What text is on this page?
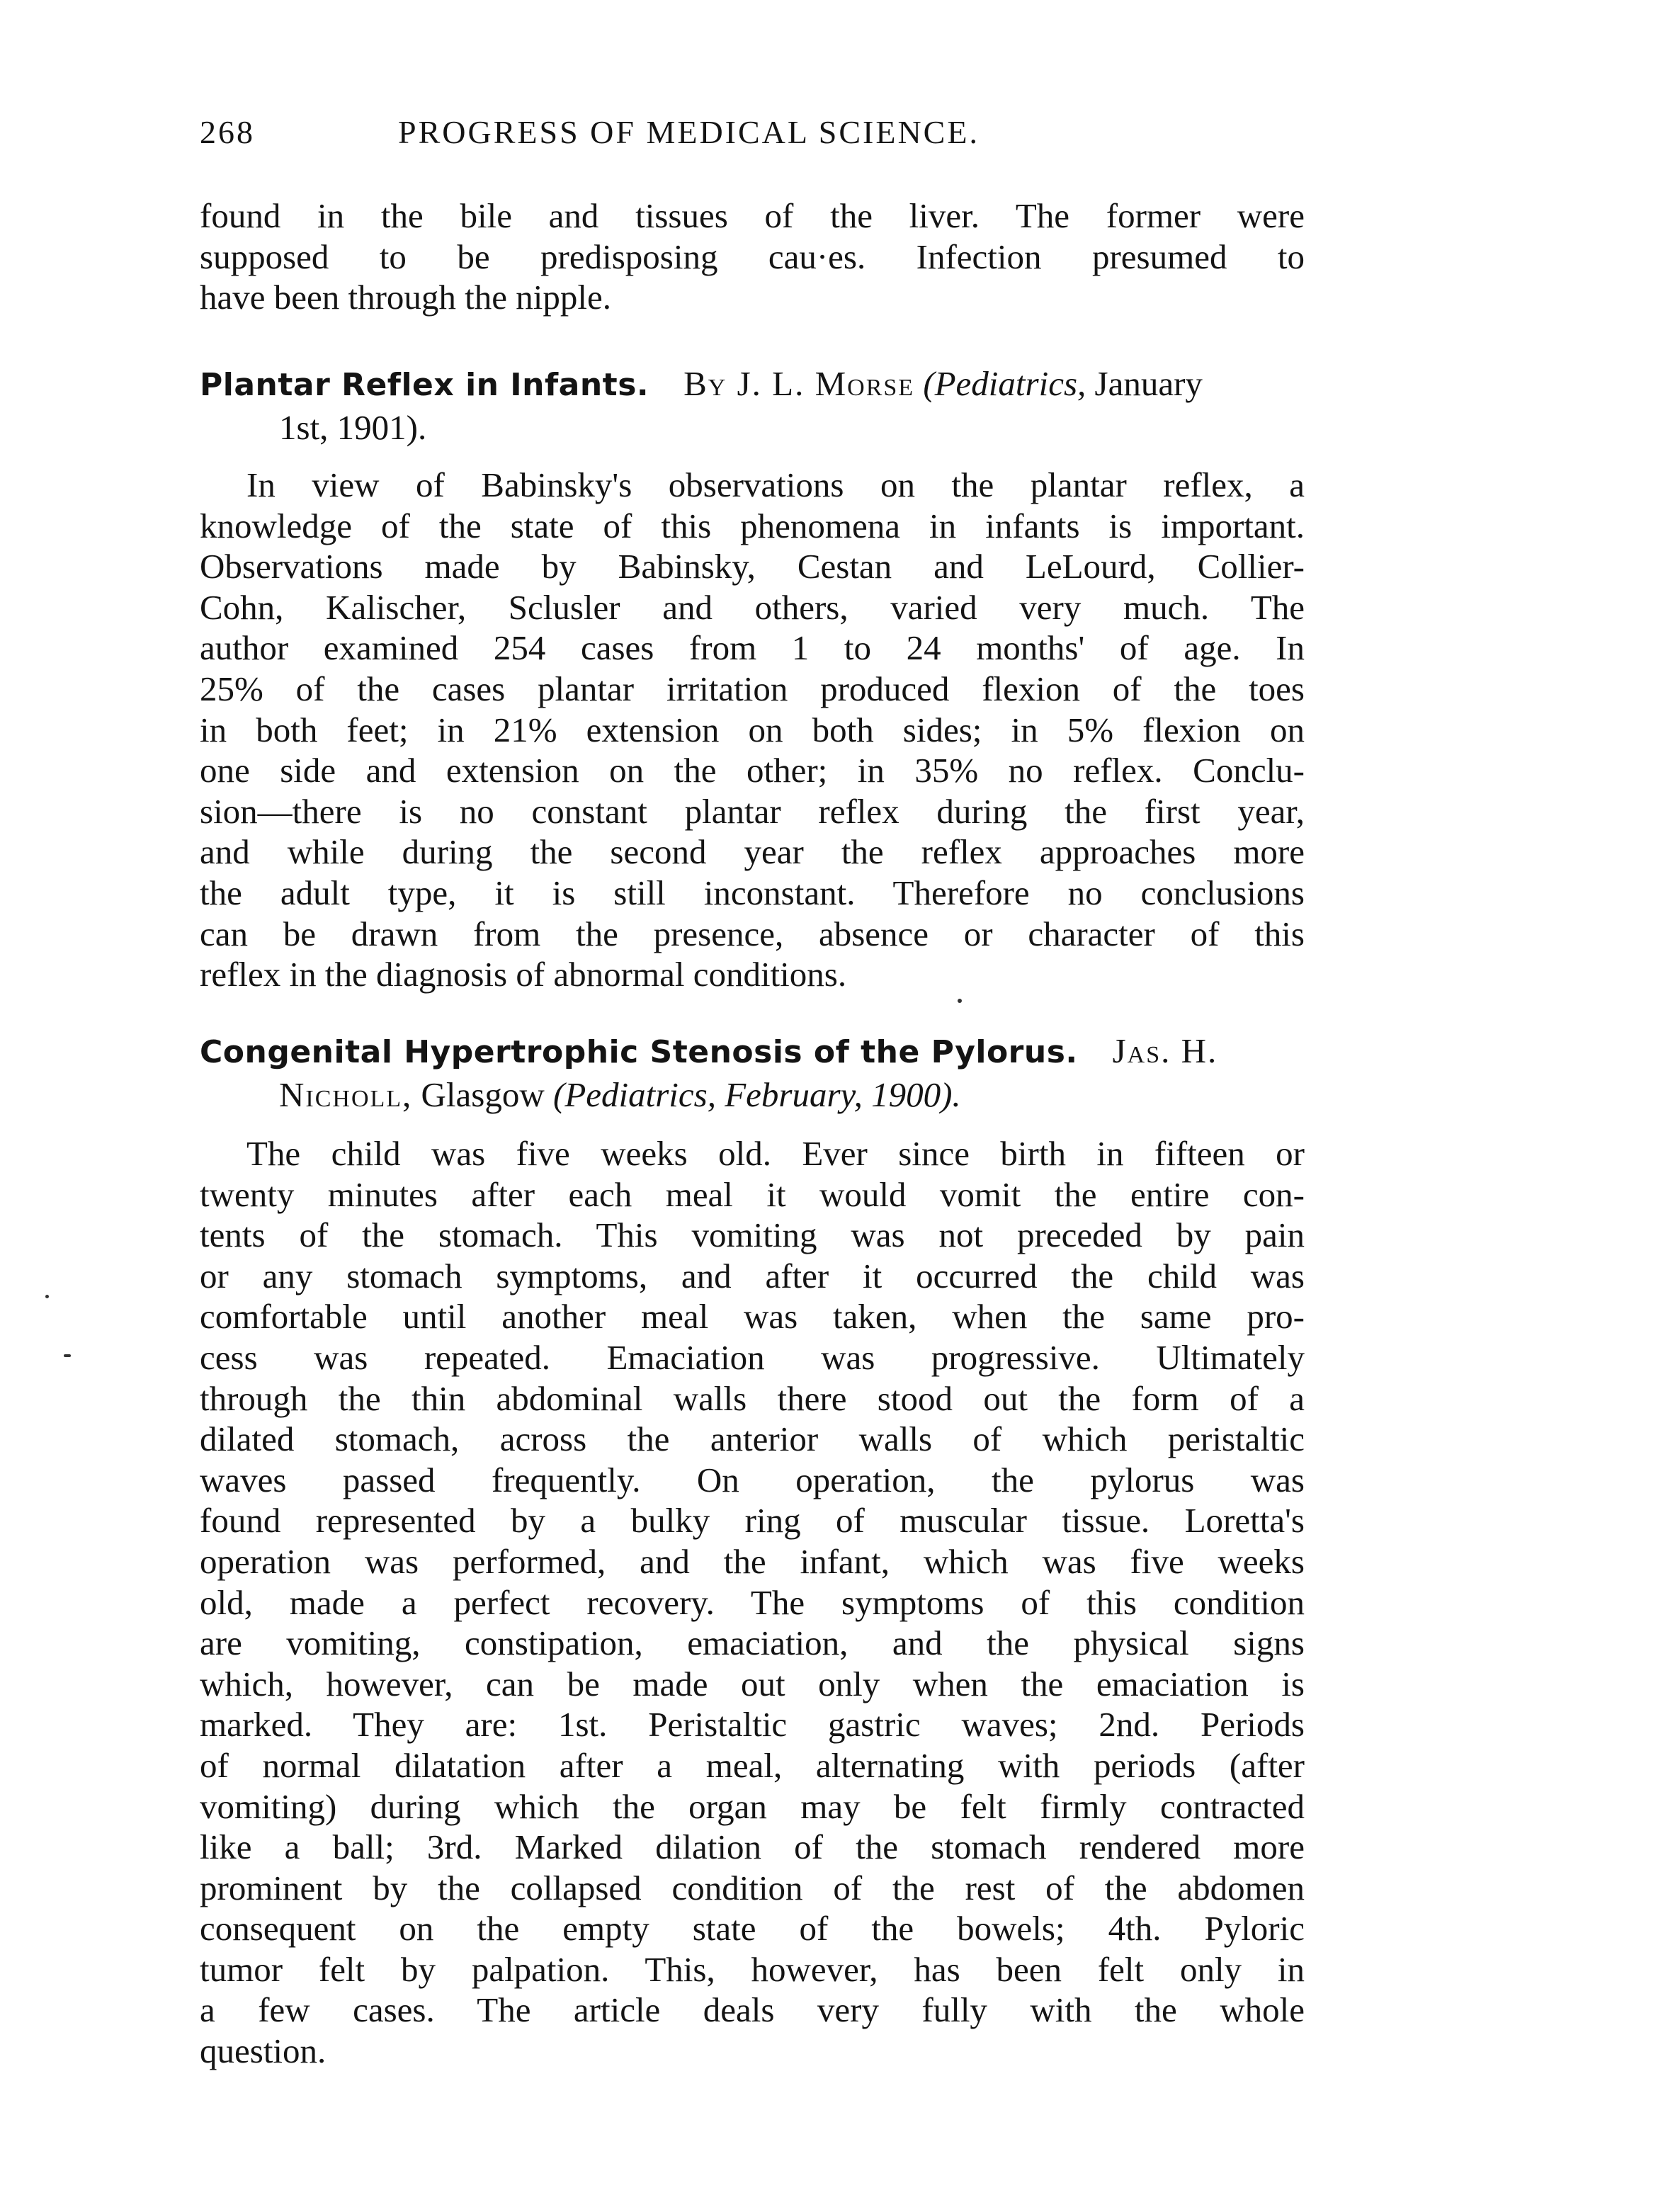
268	PROGRESS OF MEDICAL SCIENCE.
found in the bile and tissues of the liver. The former were
supposed to be predisposing cau·es. Infection presumed to
have been through the nipple.
Plantar Reflex in Infants. By J. L. Morse (Pediatrics, January
1st, 1901).
In view of Babinsky's observations on the plantar reflex, a
knowledge of the state of this phenomena in infants is important.
Observations made by Babinsky, Cestan and LeLourd, Collier-
Cohn, Kalischer, Sclusler and others, varied very much. The
author examined 254 cases from 1 to 24 months' of age. In
25% of the cases plantar irritation produced flexion of the toes
in both feet; in 21% extension on both sides; in 5% flexion on
one side and extension on the other; in 35% no reflex. Conclu-
sion—there is no constant plantar reflex during the first year,
and while during the second year the reflex approaches more
the adult type, it is still inconstant. Therefore no conclusions
can be drawn from the presence, absence or character of this
reflex in the diagnosis of abnormal conditions.
Congenital Hypertrophic Stenosis of the Pylorus. Jas. H.
Nicholl, Glasgow (Pediatrics, February, 1900).
The child was five weeks old. Ever since birth in fifteen or
twenty minutes after each meal it would vomit the entire con-
tents of the stomach. This vomiting was not preceded by pain
or any stomach symptoms, and after it occurred the child was
comfortable until another meal was taken, when the same pro-
cess was repeated. Emaciation was progressive. Ultimately
through the thin abdominal walls there stood out the form of a
dilated stomach, across the anterior walls of which peristaltic
waves passed frequently. On operation, the pylorus was
found represented by a bulky ring of muscular tissue. Loretta's
operation was performed, and the infant, which was five weeks
old, made a perfect recovery. The symptoms of this condition
are vomiting, constipation, emaciation, and the physical signs
which, however, can be made out only when the emaciation is
marked. They are: 1st. Peristaltic gastric waves; 2nd. Periods
of normal dilatation after a meal, alternating with periods (after
vomiting) during which the organ may be felt firmly contracted
like a ball; 3rd. Marked dilation of the stomach rendered more
prominent by the collapsed condition of the rest of the abdomen
consequent on the empty state of the bowels; 4th. Pyloric
tumor felt by palpation. This, however, has been felt only in
a few cases. The article deals very fully with the whole
question.
